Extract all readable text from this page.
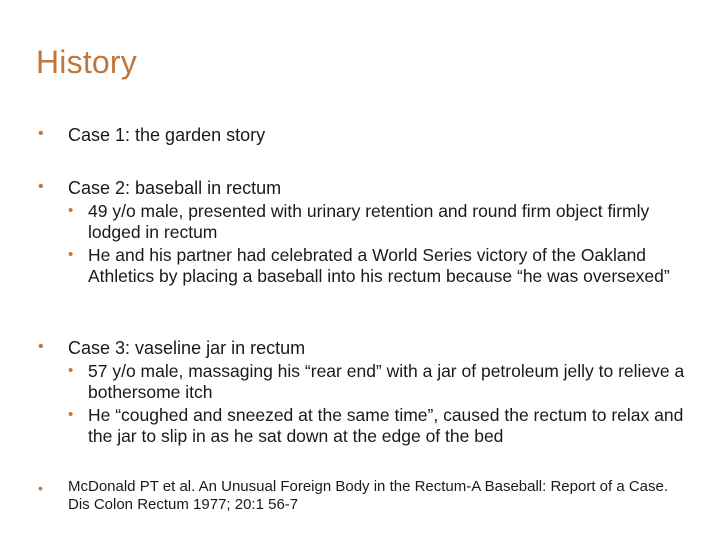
History
• Case 1: the garden story
• Case 2: baseball in rectum
• 49 y/o male, presented with urinary retention and round firm object firmly lodged in rectum
• He and his partner had celebrated a World Series victory of the Oakland Athletics by placing a baseball into his rectum because “he was oversexed”
• Case 3: vaseline jar in rectum
• 57 y/o male, massaging his “rear end” with a jar of petroleum jelly to relieve a bothersome itch
• He “coughed and sneezed at the same time”, caused the rectum to relax and the jar to slip in as he sat down at the edge of the bed
• McDonald PT et al. An Unusual Foreign Body in the Rectum-A Baseball: Report of a Case. Dis Colon Rectum 1977; 20:1 56-7
